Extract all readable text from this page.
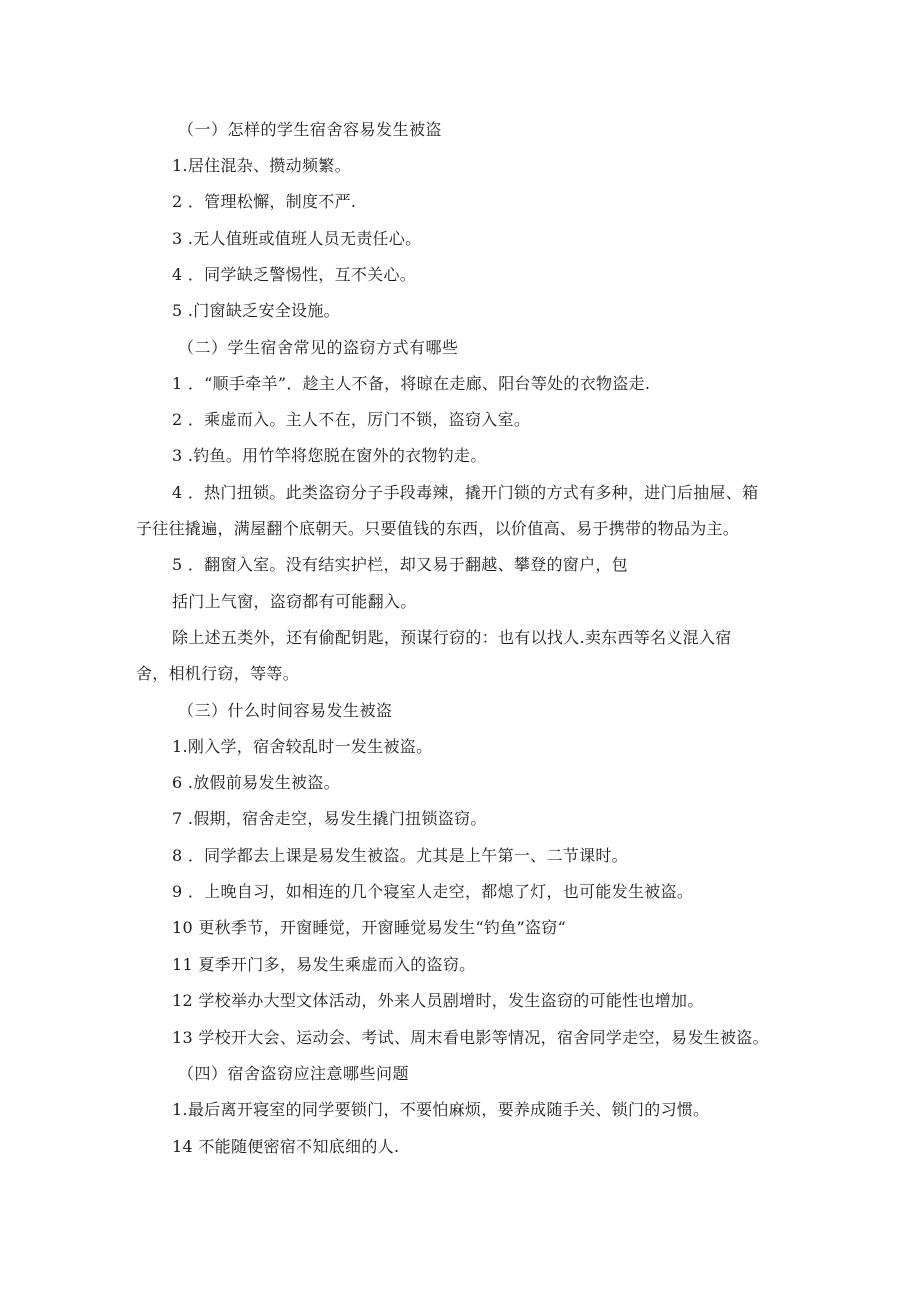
（一）怎样的学生宿舍容易发生被盗
1.居住混杂、攒动频繁。
2 ．管理松懈，制度不严.
3 .无人值班或值班人员无责任心。
4 ．同学缺乏警惕性，互不关心。
5 .门窗缺乏安全设施。
（二）学生宿舍常见的盗窃方式有哪些
1 ．“顺手牵羊”．趁主人不备，将晾在走廊、阳台等处的衣物盗走.
2 ．乘虚而入。主人不在，厉门不锁，盗窃入室。
3 .钓鱼。用竹竿将您脱在窗外的衣物钓走。
4 ．热门扭锁。此类盗窃分子手段毒辣，撬开门锁的方式有多种，进门后抽屉、箱
子往往撬遍，满屋翻个底朝天。只要值钱的东西，以价值高、易于携带的物品为主。
5 ．翻窗入室。没有结实护栏，却又易于翻越、攀登的窗户，包
括门上气窗，盗窃都有可能翻入。
除上述五类外，还有偷配钥匙，预谋行窃的：也有以找人.卖东西等名义混入宿
舍，相机行窃，等等。
（三）什么时间容易发生被盗
1.刚入学，宿舍较乱时一发生被盗。
6 .放假前易发生被盗。
7 .假期，宿舍走空，易发生撬门扭锁盗窃。
8 ．同学都去上课是易发生被盗。尤其是上午第一、二节课时。
9 ．上晚自习，如相连的几个寝室人走空，都熄了灯，也可能发生被盗。
10 更秋季节，开窗睡觉，开窗睡觉易发生“钓鱼”盗窃“
11 夏季开门多，易发生乘虚而入的盗窃。
12 学校举办大型文体活动，外来人员剧增时，发生盗窃的可能性也增加。
13 学校开大会、运动会、考试、周末看电影等情况，宿舍同学走空，易发生被盗。
（四）宿舍盗窃应注意哪些问题
1.最后离开寝室的同学要锁门，不要怕麻烦，要养成随手关、锁门的习惯。
14 不能随便密宿不知底细的人.
